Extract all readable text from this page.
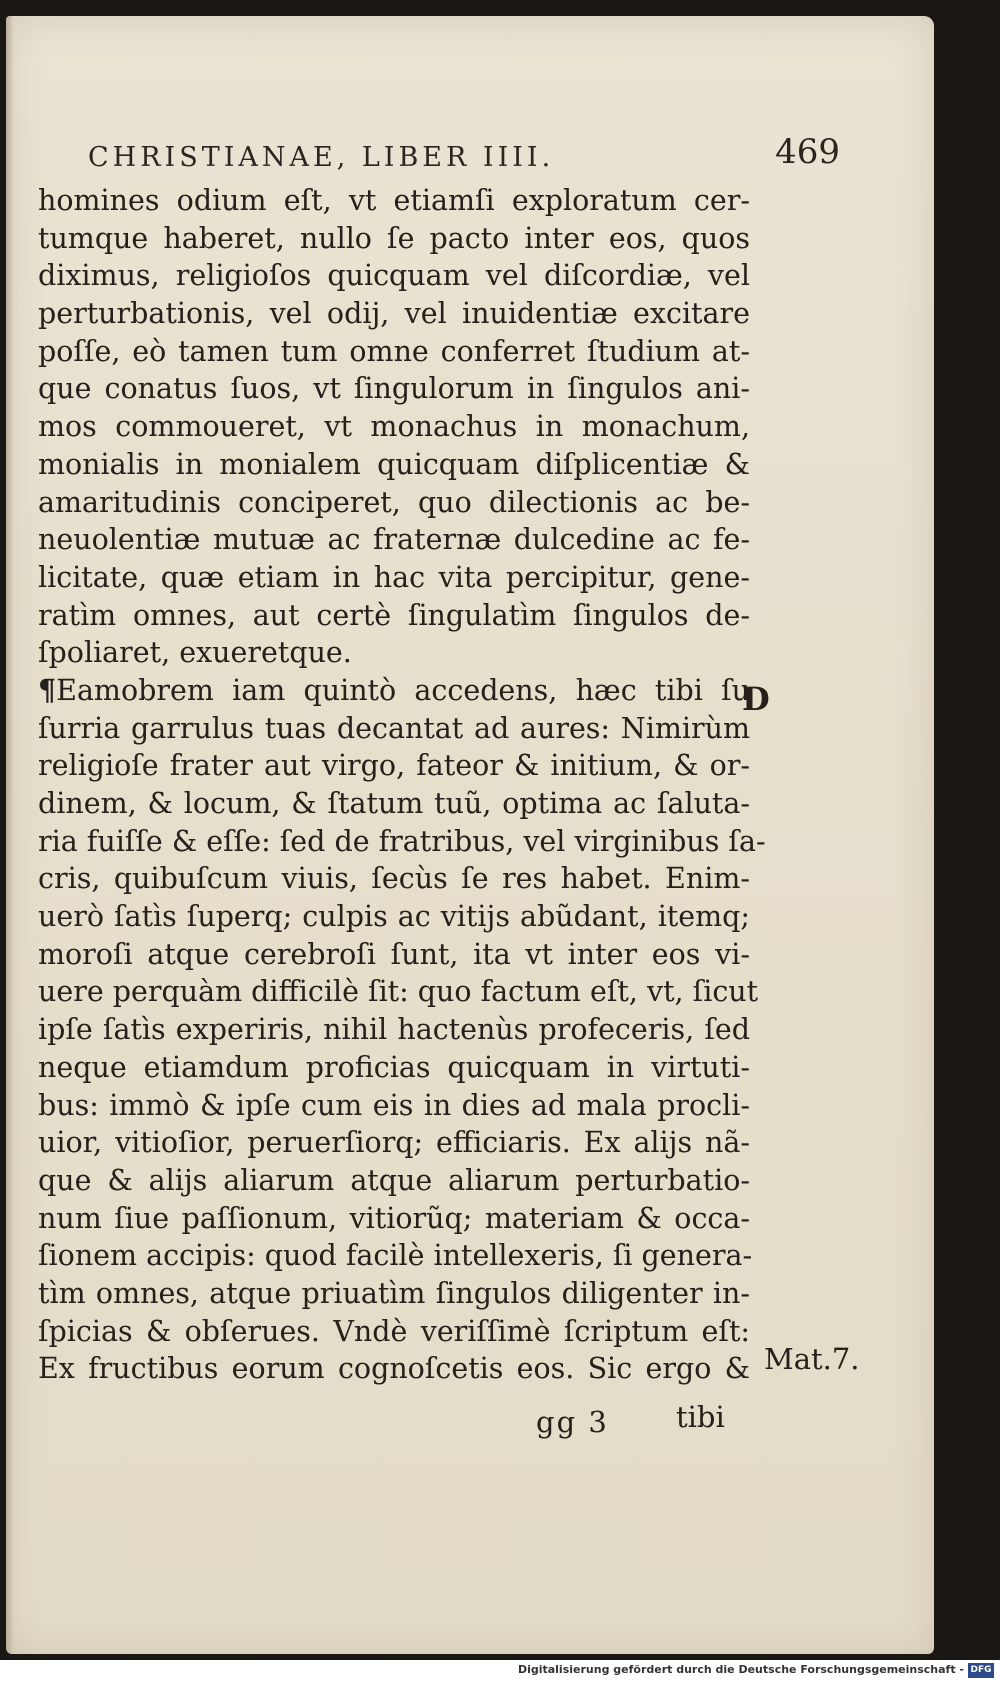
CHRISTIANAE, LIBER IIII.	469
homines odium eſt, vt etiamſi exploratum cer-
tumque haberet, nullo ſe pacto inter eos, quos
diximus, religioſos quicquam vel diſcordiæ, vel
perturbationis, vel odij, vel inuidentiæ excitare
poſſe, eò tamen tum omne conferret ſtudium at-
que conatus ſuos, vt ſingulorum in ſingulos ani-
mos commoueret, vt monachus in monachum,
monialis in monialem quicquam diſplicentiæ &
amaritudinis conciperet, quo dilectionis ac be-
neuolentiæ mutuæ ac fraternæ dulcedine ac fe-
licitate, quæ etiam in hac vita percipitur, gene-
ratìm omnes, aut certè ſingulatìm ſingulos de-
ſpoliaret, exueretque.
¶Eamobrem iam quintò accedens, hæc tibi ſu
ſurria garrulus tuas decantat ad aures: Nimirùm
religioſe frater aut virgo, fateor & initium, & or-
dinem, & locum, & ſtatum tuũ, optima ac ſaluta-
ria fuiſſe & eſſe: ſed de fratribus, vel virginibus ſa-
cris, quibuſcum viuis, ſecùs ſe res habet. Enim-
uerò ſatìs ſuperq; culpis ac vitijs abũdant, itemq;
moroſi atque cerebroſi ſunt, ita vt inter eos vi-
uere perquàm difficilè ſit: quo factum eſt, vt, ſicut
ipſe ſatìs experiris, nihil hactenùs profeceris, ſed
neque etiamdum proficias quicquam in virtuti-
bus: immò & ipſe cum eis in dies ad mala procli-
uior, vitioſior, peruerſiorq; efficiaris. Ex alijs nã-
que & alijs aliarum atque aliarum perturbatio-
num ſiue paſſionum, vitiorũq; materiam & occa-
ſionem accipis: quod facilè intellexeris, ſi genera-
tìm omnes, atque priuatìm ſingulos diligenter in-
ſpicias & obſerues. Vndè veriſſimè ſcriptum eſt:
Ex fructibus eorum cognoſcetis eos. Sic ergo &
D
Mat.7.
gg 3 tibi
Digitalisierung gefördert durch die Deutsche Forschungsgemeinschaft - DFG
